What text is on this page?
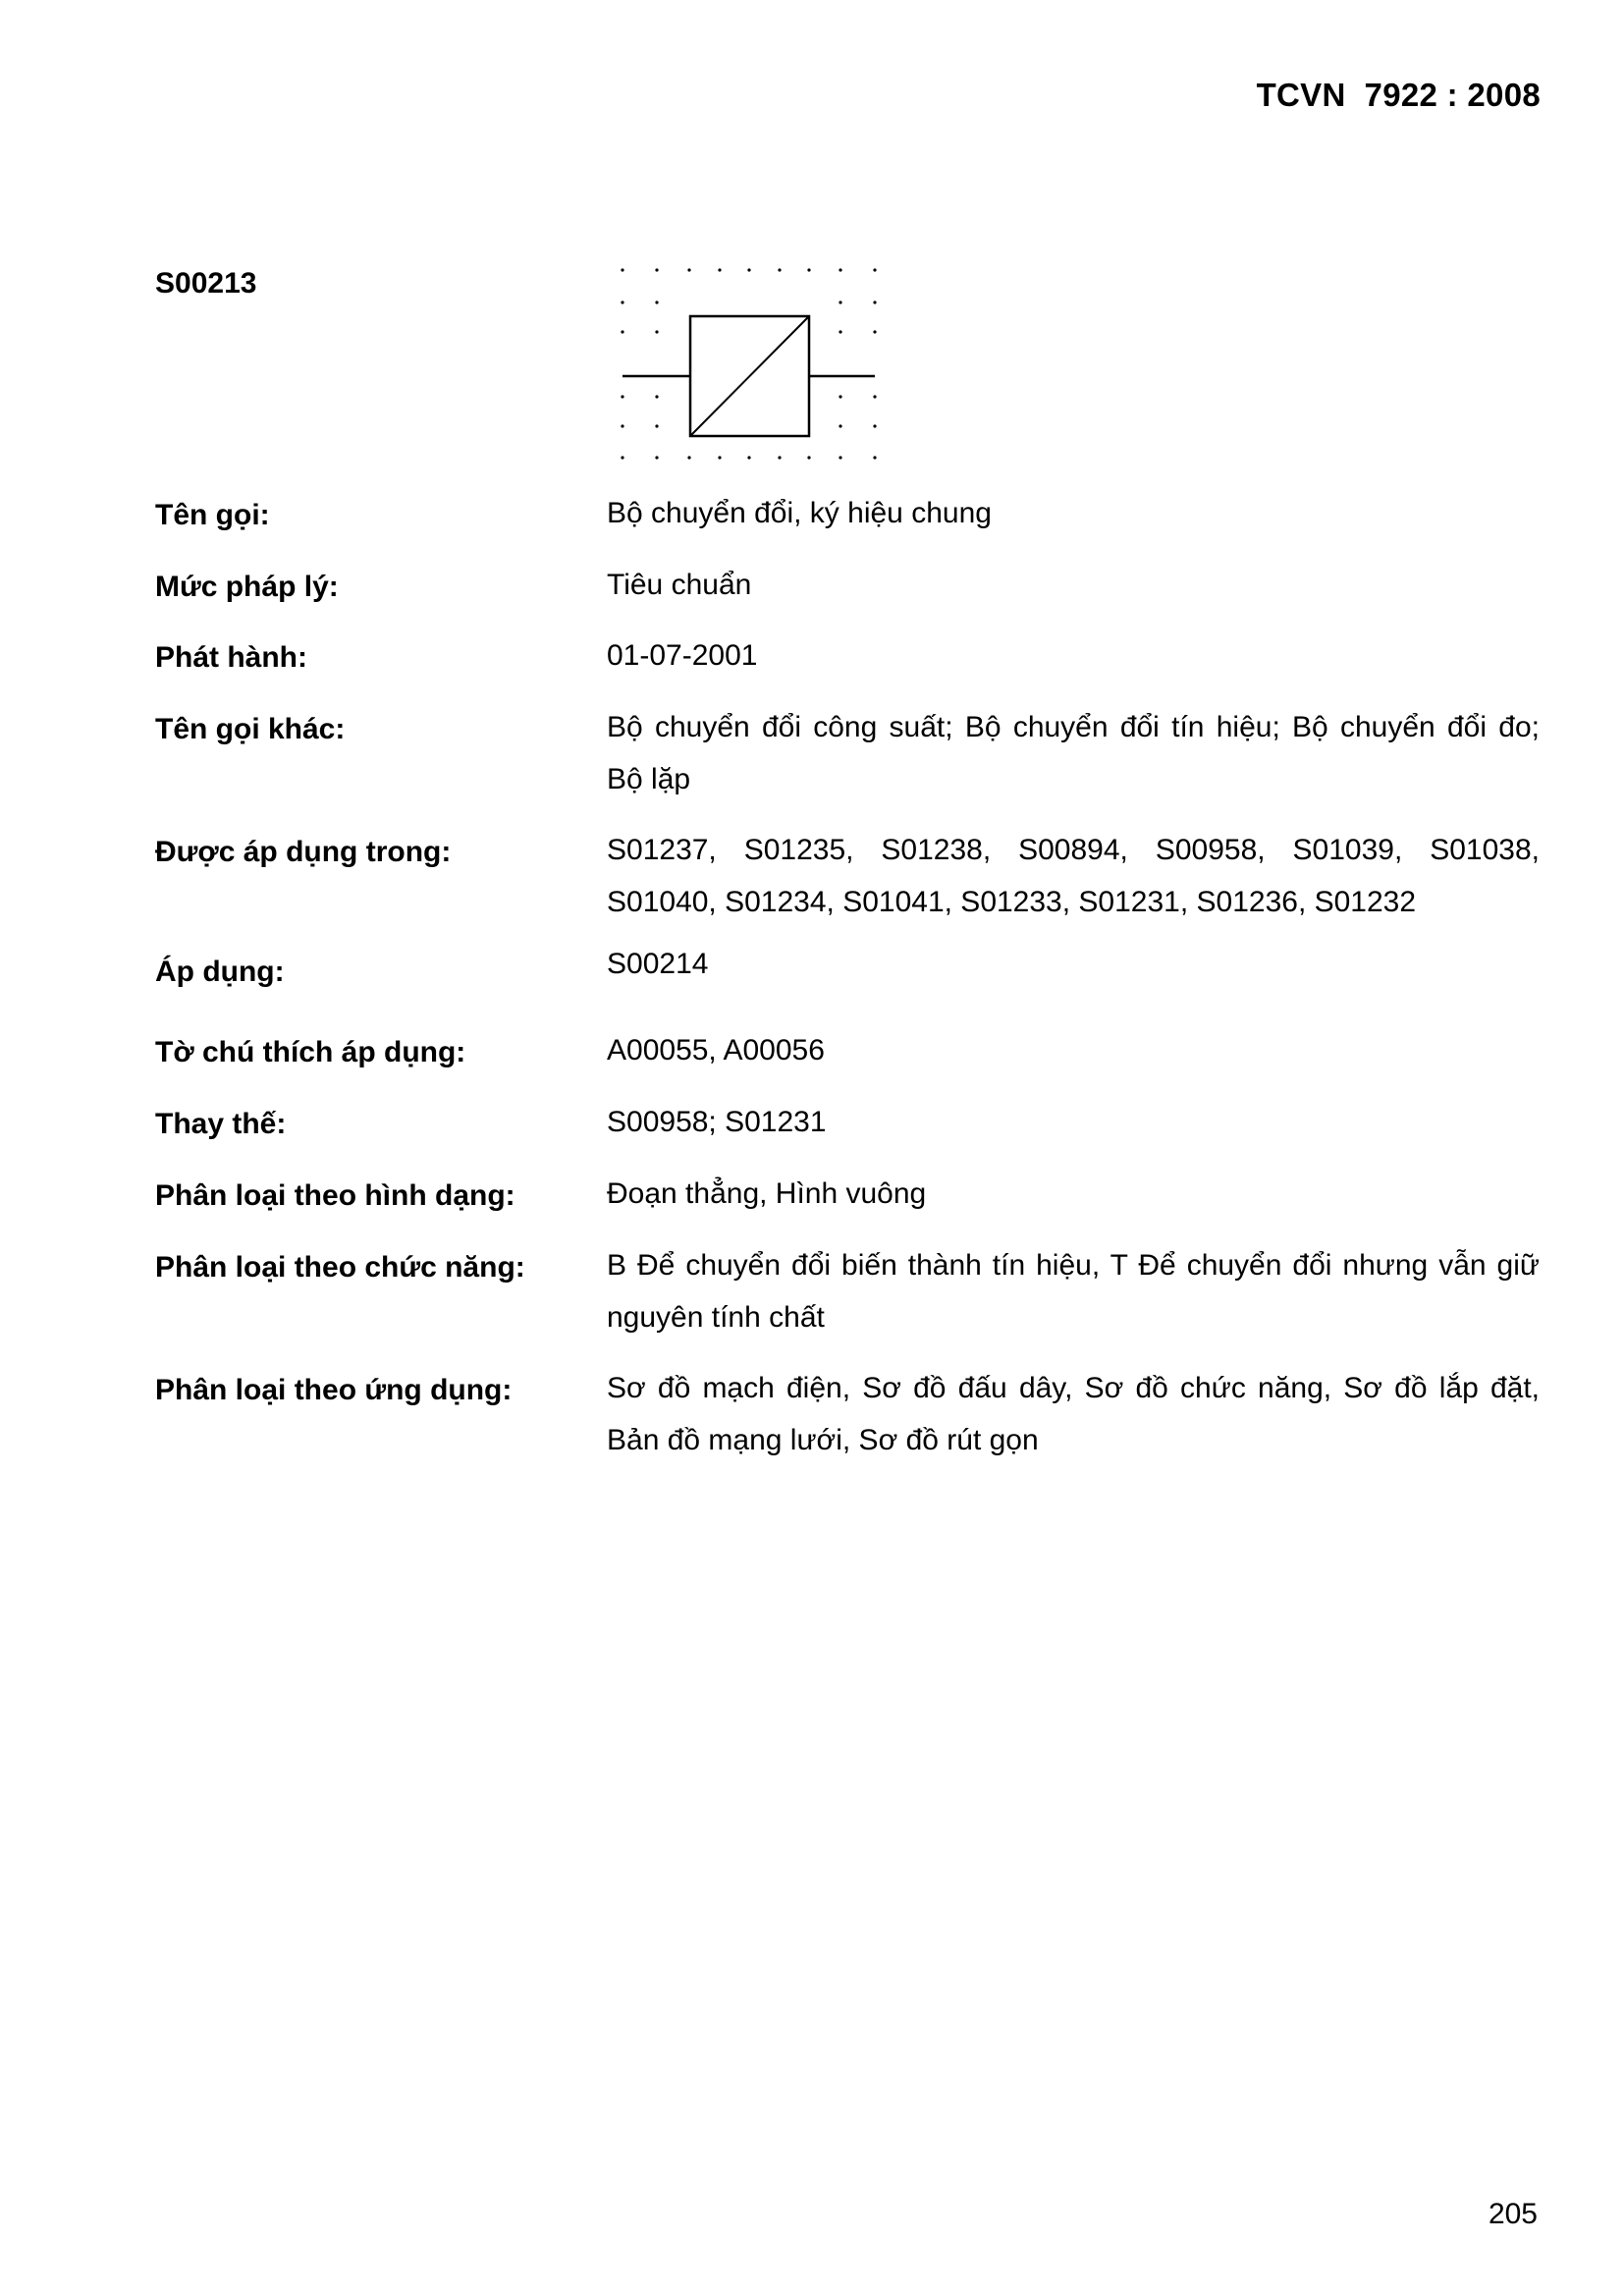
TCVN  7922 : 2008
S00213
Tên gọi:	Bộ chuyển đổi, ký hiệu chung
Mức pháp lý:	Tiêu chuẩn
Phát hành:	01-07-2001
Tên gọi khác:	Bộ chuyển đổi công suất; Bộ chuyển đổi tín hiệu; Bộ chuyển đổi đo;
Bộ lặp
Được áp dụng trong:	S01237, S01235, S01238, S00894, S00958, S01039, S01038,
S01040, S01234, S01041, S01233, S01231, S01236, S01232
Áp dụng:	S00214
Tờ chú thích áp dụng:	A00055, A00056
Thay thế:	S00958; S01231
Phân loại theo hình dạng:	Đoạn thẳng, Hình vuông
Phân loại theo chức năng:	B Để chuyển đổi biến thành tín hiệu, T Để chuyển đổi nhưng vẫn giữ
nguyên tính chất
Phân loại theo ứng dụng:	Sơ đồ mạch điện, Sơ đồ đấu dây, Sơ đồ chức năng, Sơ đồ lắp đặt,
Bản đồ mạng lưới, Sơ đồ rút gọn
205
